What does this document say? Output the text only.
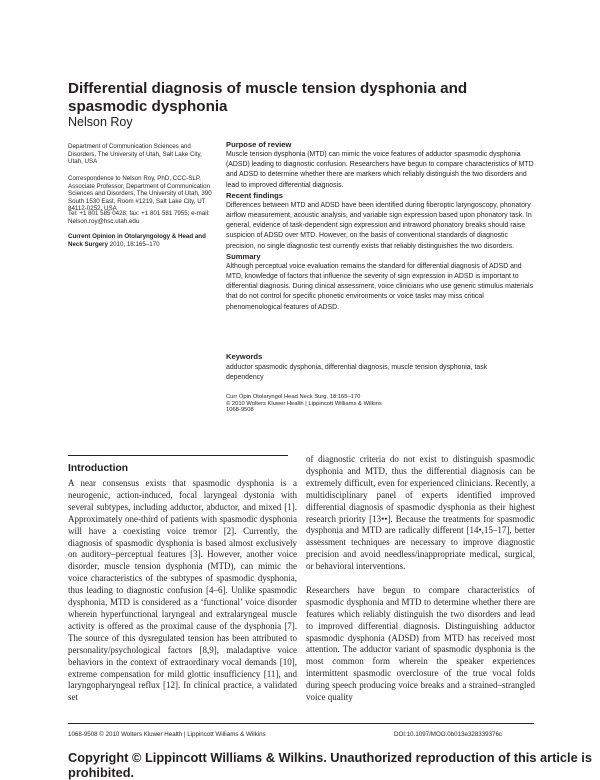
Differential diagnosis of muscle tension dysphonia and spasmodic dysphonia
Nelson Roy
Department of Communication Sciences and Disorders, The University of Utah, Salt Lake City, Utah, USA
Correspondence to Nelson Roy, PhD, CCC-SLP, Associate Professor, Department of Communication Sciences and Disorders, The University of Utah, 390 South 1530 East, Room #1219, Salt Lake City, UT 84112-0252, USA
Tel: +1 801 585 0428; fax: +1 801 581 7955; e-mail: Nelson.roy@hsc.utah.edu
Current Opinion in Otolaryngology & Head and Neck Surgery 2010, 18:165–170
Purpose of review
Muscle tension dysphonia (MTD) can mimic the voice features of adductor spasmodic dysphonia (ADSD) leading to diagnostic confusion. Researchers have begun to compare characteristics of MTD and ADSD to determine whether there are markers which reliably distinguish the two disorders and lead to improved differential diagnosis.
Recent findings
Differences between MTD and ADSD have been identified during fiberoptic laryngoscopy, phonatory airflow measurement, acoustic analysis, and variable sign expression based upon phonatory task. In general, evidence of task-dependent sign expression and intraword phonatory breaks should raise suspicion of ADSD over MTD. However, on the basis of conventional standards of diagnostic precision, no single diagnostic test currently exists that reliably distinguishes the two disorders.
Summary
Although perceptual voice evaluation remains the standard for differential diagnosis of ADSD and MTD, knowledge of factors that influence the severity of sign expression in ADSD is important to differential diagnosis. During clinical assessment, voice clinicians who use generic stimulus materials that do not control for specific phonetic environments or voice tasks may miss critical phenomenological features of ADSD.
Keywords
adductor spasmodic dysphonia, differential diagnosis, muscle tension dysphonia, task dependency
Curr Opin Otolaryngol Head Neck Surg. 18:165–170
© 2010 Wolters Kluwer Health | Lippincott Williams & Wilkins
1068-9508
Introduction

A near consensus exists that spasmodic dysphonia is a neurogenic, action-induced, focal laryngeal dystonia with several subtypes, including adductor, abductor, and mixed [1]. Approximately one-third of patients with spasmodic dysphonia will have a coexisting voice tremor [2]. Currently, the diagnosis of spasmodic dysphonia is based almost exclusively on auditory–perceptual features [3]. However, another voice disorder, muscle tension dysphonia (MTD), can mimic the voice characteristics of the subtypes of spasmodic dysphonia, thus leading to diagnostic confusion [4–6]. Unlike spasmodic dysphonia, MTD is considered as a ‘functional’ voice disorder wherein hyperfunctional laryngeal and extralaryngeal muscle activity is offered as the proximal cause of the dysphonia [7]. The source of this dysregulated tension has been attributed to personality/psychological factors [8,9], maladaptive voice behaviors in the context of extraordinary vocal demands [10], extreme compensation for mild glottic insufficiency [11], and laryngopharyngeal reflux [12]. In clinical practice, a validated set

of diagnostic criteria do not exist to distinguish spasmodic dysphonia and MTD, thus the differential diagnosis can be extremely difficult, even for experienced clinicians. Recently, a multidisciplinary panel of experts identified improved differential diagnosis of spasmodic dysphonia as their highest research priority [13••]. Because the treatments for spasmodic dysphonia and MTD are radically different [14•,15–17], better assessment techniques are necessary to improve diagnostic precision and avoid needless/inappropriate medical, surgical, or behavioral interventions.

Researchers have begun to compare characteristics of spasmodic dysphonia and MTD to determine whether there are features which reliably distinguish the two disorders and lead to improved differential diagnosis. Distinguishing adductor spasmodic dysphonia (ADSD) from MTD has received most attention. The adductor variant of spasmodic dysphonia is the most common form wherein the speaker experiences intermittent spasmodic overclosure of the true vocal folds during speech producing voice breaks and a strained–strangled voice quality

1068-9508 © 2010 Wolters Kluwer Health | Lippincott Williams & Wilkins	DOI:10.1097/MOO.0b013e328339376c
Copyright © Lippincott Williams & Wilkins. Unauthorized reproduction of this article is prohibited.
